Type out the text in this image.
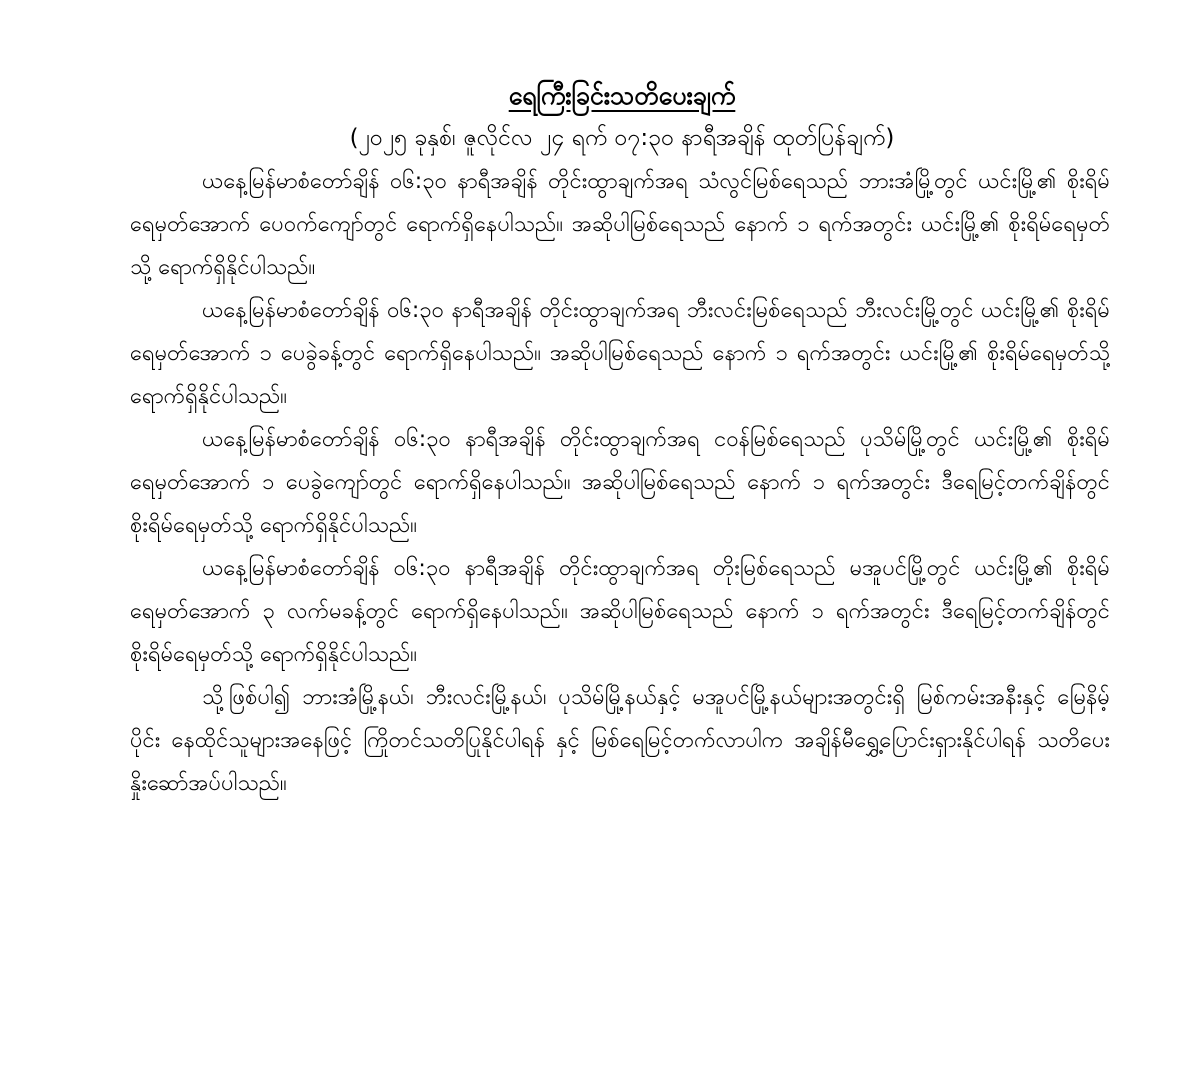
ရေကြီးခြင်းသတိပေးချက်
(၂၀၂၅ ခုနှစ်၊ ဇူလိုင်လ ၂၄ ရက် ၀၇:၃၀ နာရီအချိန် ထုတ်ပြန်ချက်)

ယနေ့မြန်မာစံတော်ချိန် ၀၆:၃၀ နာရီအချိန် တိုင်းထွာချက်အရ သံလွင်မြစ်ရေသည် ဘားအံမြို့တွင် ယင်းမြို့၏ စိုးရိမ်ရေမှတ်အောက် ပေ၀က်ကျော်တွင် ရောက်ရှိနေပါသည်။ အဆိုပါမြစ်ရေသည် နောက် ၁ ရက်အတွင်း ယင်းမြို့၏ စိုးရိမ်ရေမှတ်သို့ ရောက်ရှိနိုင်ပါသည်။

ယနေ့မြန်မာစံတော်ချိန် ၀၆:၃၀ နာရီအချိန် တိုင်းထွာချက်အရ ဘီးလင်းမြစ်ရေသည် ဘီးလင်းမြို့တွင် ယင်းမြို့၏ စိုးရိမ်ရေမှတ်အောက် ၁ ပေခွဲခန့်တွင် ရောက်ရှိနေပါသည်။ အဆိုပါမြစ်ရေသည် နောက် ၁ ရက်အတွင်း ယင်းမြို့၏ စိုးရိမ်ရေမှတ်သို့ ရောက်ရှိနိုင်ပါသည်။

ယနေ့မြန်မာစံတော်ချိန် ၀၆:၃၀ နာရီအချိန် တိုင်းထွာချက်အရ ငဝန်မြစ်ရေသည် ပုသိမ်မြို့တွင် ယင်းမြို့၏ စိုးရိမ်ရေမှတ်အောက် ၁ ပေခွဲကျော်တွင် ရောက်ရှိနေပါသည်။ အဆိုပါမြစ်ရေသည် နောက် ၁ ရက်အတွင်း ဒီရေမြင့်တက်ချိန်တွင် စိုးရိမ်ရေမှတ်သို့ ရောက်ရှိနိုင်ပါသည်။

ယနေ့မြန်မာစံတော်ချိန် ၀၆:၃၀ နာရီအချိန် တိုင်းထွာချက်အရ တိုးမြစ်ရေသည် မအူပင်မြို့တွင် ယင်းမြို့၏ စိုးရိမ်ရေမှတ်အောက် ၃ လက်မခန့်တွင် ရောက်ရှိနေပါသည်။ အဆိုပါမြစ်ရေသည် နောက် ၁ ရက်အတွင်း ဒီရေမြင့်တက်ချိန်တွင် စိုးရိမ်ရေမှတ်သို့ ရောက်ရှိနိုင်ပါသည်။

သို့ဖြစ်ပါ၍ ဘားအံမြို့နယ်၊ ဘီးလင်းမြို့နယ်၊ ပုသိမ်မြို့နယ်နှင့် မအူပင်မြို့နယ်များအတွင်းရှိ မြစ်ကမ်းအနီးနှင့် မြေနိမ့်ပိုင်း နေထိုင်သူများအနေဖြင့် ကြိုတင်သတိပြုနိုင်ပါရန် နှင့် မြစ်ရေမြင့်တက်လာပါက အချိန်မီရွှေ့ပြောင်းရှားနိုင်ပါရန် သတိပေးနှိုးဆော်အပ်ပါသည်။
